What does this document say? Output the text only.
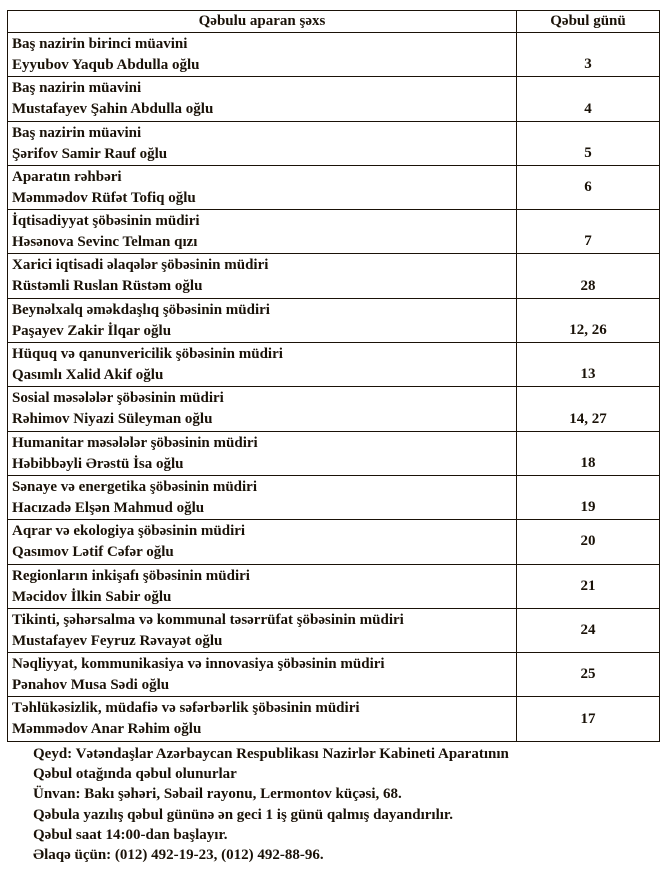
Qəbulu aparan şəxs	Qəbul günü

Baş nazirin birinci müavini
Eyyubov Yaqub Abdulla oğlu	3

Baş nazirin müavini
Mustafayev Şahin Abdulla oğlu	4

Baş nazirin müavini
Şərifov Samir Rauf oğlu	5

Aparatın rəhbəri
Məmmədov Rüfət Tofiq oğlu	6

İqtisadiyyat şöbəsinin müdiri
Həsənova Sevinc Telman qızı	7

Xarici iqtisadi əlaqələr şöbəsinin müdiri
Rüstəmli Ruslan Rüstəm oğlu	28

Beynəlxalq əməkdaşlıq şöbəsinin müdiri
Paşayev Zakir İlqar oğlu	12, 26

Hüquq və qanunvericilik şöbəsinin müdiri
Qasımlı Xalid Akif oğlu	13

Sosial məsələlər şöbəsinin müdiri
Rəhimov Niyazi Süleyman oğlu	14, 27

Humanitar məsələlər şöbəsinin müdiri
Həbibbəyli Ərəstü İsa oğlu	18

Sənaye və energetika şöbəsinin müdiri
Hacızadə Elşən Mahmud oğlu	19

Aqrar və ekologiya şöbəsinin müdiri
Qasımov Lətif Cəfər oğlu	20

Regionların inkişafı şöbəsinin müdiri
Məcidov İlkin Sabir oğlu	21

Tikinti, şəhərsalma və kommunal təsərrüfat şöbəsinin müdiri
Mustafayev Feyruz Rəvayət oğlu	24

Nəqliyyat, kommunikasiya və innovasiya şöbəsinin müdiri
Pənahov Musa Sədi oğlu	25

Təhlükəsizlik, müdafiə və səfərbərlik şöbəsinin müdiri
Məmmədov Anar Rəhim oğlu	17
Qeyd: Vətəndaşlar Azərbaycan Respublikası Nazirlər Kabineti Aparatının
Qəbul otağında qəbul olunurlar
Ünvan: Bakı şəhəri, Səbail rayonu, Lermontov küçəsi, 68.
Qəbula yazılış qəbul gününə ən geci 1 iş günü qalmış dayandırılır.
Qəbul saat 14:00-dan başlayır.
Əlaqə üçün: (012) 492-19-23, (012) 492-88-96.
